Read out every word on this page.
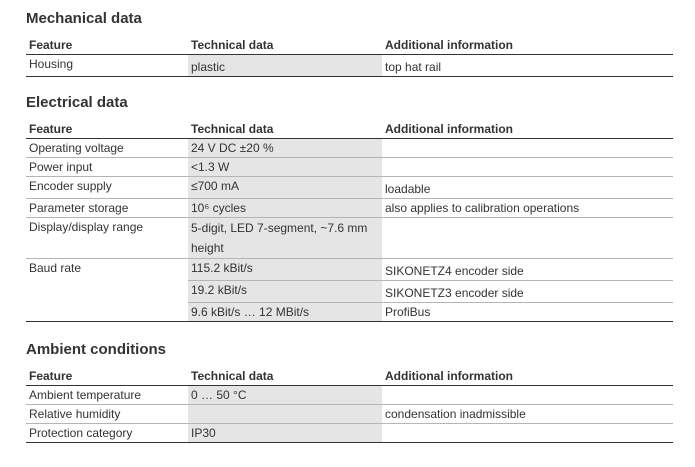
Mechanical data
Feature	Technical data	Additional information
Housing	plastic	top hat rail
Electrical data
Feature	Technical data	Additional information
Operating voltage	24 V DC ±20 %	
Power input	<1.3 W	
Encoder supply	≤700 mA	loadable
Parameter storage	10⁶ cycles	also applies to calibration operations
Display/display range	5-digit, LED 7-segment, ~7.6 mm height	
Baud rate	115.2 kBit/s	SIKONETZ4 encoder side
	19.2 kBit/s	SIKONETZ3 encoder side
	9.6 kBit/s … 12 MBit/s	ProfiBus
Ambient conditions
Feature	Technical data	Additional information
Ambient temperature	0 … 50 °C	
Relative humidity		condensation inadmissible
Protection category	IP30	
